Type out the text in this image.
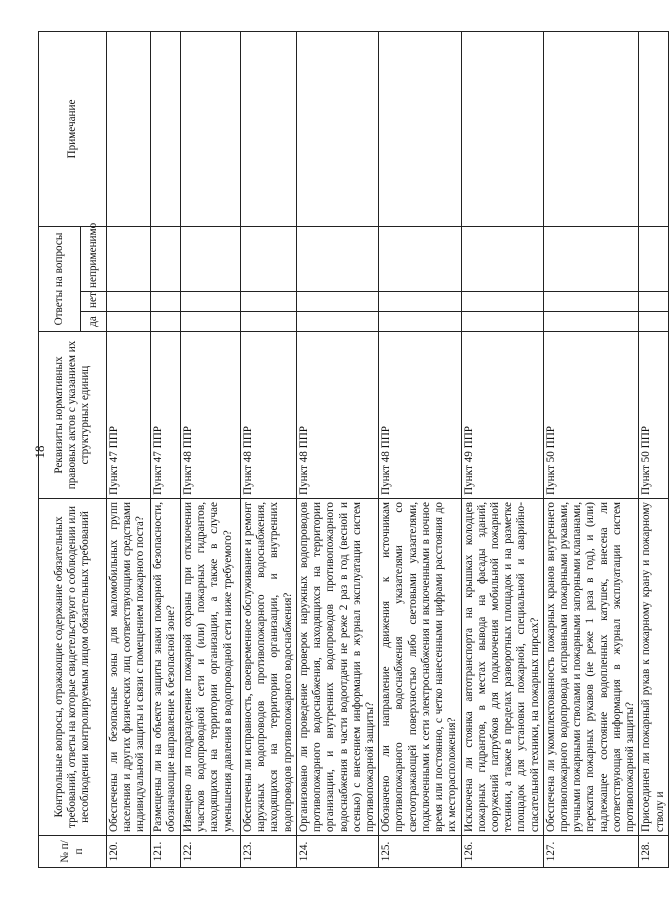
18
№ п/п	Контрольные вопросы, отражающие содержание обязательных требований, ответы на которые свидетельствуют о соблюдении или несоблюдении контролируемым лицом обязательных требований	Реквизиты нормативных правовых актов с указанием их структурных единиц	Ответы на вопросы			Примечание
			да	нет	неприменимо	
120.	Обеспечены ли безопасные зоны для маломобильных групп населения и других физических лиц соответствующими средствами индивидуальной защиты и связи с помещением пожарного поста?	Пункт 47 ППР				
121.	Размещены ли на объекте защиты знаки пожарной безопасности, обозначающие направление к безопасной зоне?	Пункт 47 ППР				
122.	Извещено ли подразделение пожарной охраны при отключении участков водопроводной сети и (или) пожарных гидрантов, находящихся на территории организации, а также в случае уменьшения давления в водопроводной сети ниже требуемого?	Пункт 48 ППР				
123.	Обеспечены ли исправность, своевременное обслуживание и ремонт наружных водопроводов противопожарного водоснабжения, находящихся на территории организации, и внутренних водопроводов противопожарного водоснабжения?	Пункт 48 ППР				
124.	Организовано ли проведение проверок наружных водопроводов противопожарного водоснабжения, находящихся на территории организации, и внутренних водопроводов противопожарного водоснабжения в части водоотдачи не реже 2 раз в год (весной и осенью) с внесением информации в журнал эксплуатации систем противопожарной защиты?	Пункт 48 ППР				
125.	Обозначено ли направление движения к источникам противопожарного водоснабжения указателями со светоотражающей поверхностью либо световыми указателями, подключенными к сети электроснабжения и включенными в ночное время или постоянно, с четко нанесенными цифрами расстояния до их месторасположения?	Пункт 48 ППР				
126.	Исключена ли стоянка автотранспорта на крышках колодцев пожарных гидрантов, в местах вывода на фасады зданий, сооружений патрубков для подключения мобильной пожарной техники, а также в пределах разворотных площадок и на разметке площадок для установки пожарной, специальной и аварийно-спасательной техники, на пожарных пирсах?	Пункт 49 ППР				
127.	Обеспечена ли укомплектованность пожарных кранов внутреннего противопожарного водопровода исправными пожарными рукавами, ручными пожарными стволами и пожарными запорными клапанами, перекатка пожарных рукавов (не реже 1 раза в год), и (или) надлежащее состояние водопленных катушек, внесена ли соответствующая информация в журнал эксплуатации систем противопожарной защиты?	Пункт 50 ППР				
128.	Присоединен ли пожарный рукав к пожарному крану и пожарному стволу и	Пункт 50 ППР				
